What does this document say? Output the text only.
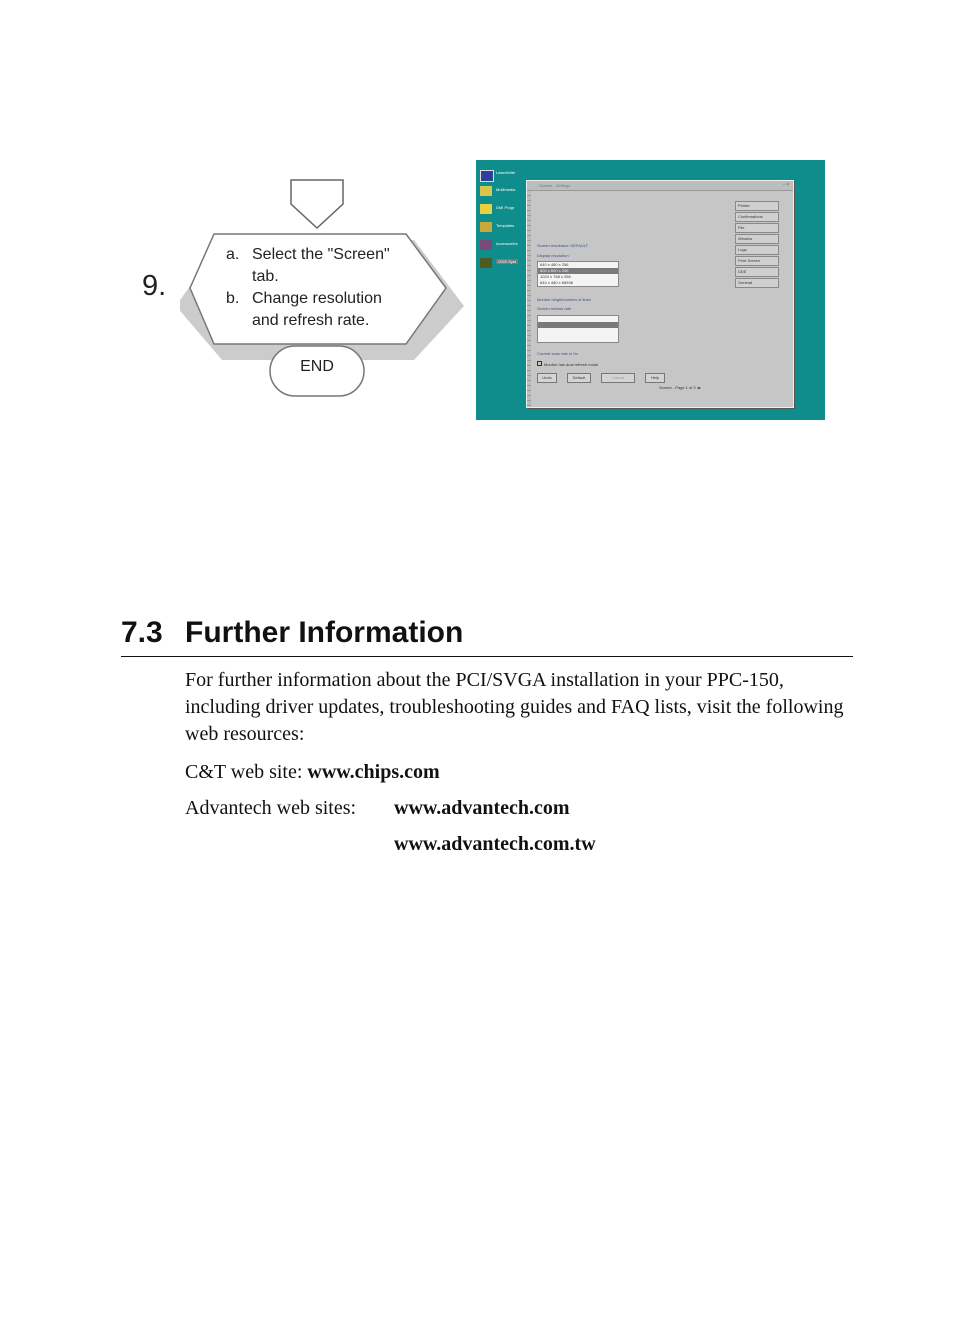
9.
a. Select the "Screen" tab.
b. Change resolution and refresh rate.
END
LaserWrite
Multimedia
DMI Progr
Templates
Accessories
OS/2 Syst
System - Settings	▫ ×
Printer
Confirmations
File
Window
Logo
Print Screen
DDE
General
Screen resolution: DEFAULT
Display resolution
640 x 480 x 256
800 x 600 x 256
1024 x 768 x 256
640 x 480 x 65536
Monitor height/number of lines
Screen refresh rate
Current scan rate in Hz
Monitor has dual refresh mode
Undo	Default	Cancel	Help
Screen - Page 1 of 2 ◂▸
7.3 Further Information
For further information about the PCI/SVGA installation in your PPC-150, including driver updates, troubleshooting guides and FAQ lists, visit the following web resources:
C&T web site: www.chips.com
Advantech web sites: www.advantech.com
www.advantech.com.tw
